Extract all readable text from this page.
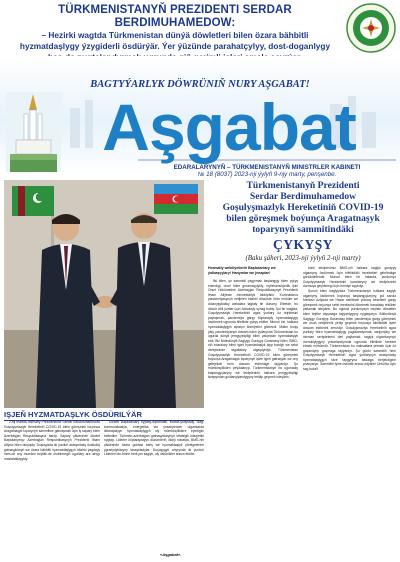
TÜRKMENISTANYŇ PREZIDENTI SERDAR BERDIMUHAMEDOW:
– Hezirki wagtda Türkmenistan dünýä döwletleri bilen özara bähbitli
hyzmatdaşlygy ýzygiderli ösdürýär. Ýer ýüzünde parahatçylyy, dost-doganlygy
BAGTYÝARLYK DÖWRÜNIŇ NURY AŞGABAT!
Aşgabat
EDARALARYNYŇ – TÜRKMENISTANYŇ MINISTRLER KABINETI
№ 18 (8037) 2023-nji ýylyň 9-njy marty, penşenbe.
IŞJEŇ HYZMATDAŞLYK ÖSDÜRILÝÄR
Türkmenistanyň Prezidenti
Serdar Berdimuhamedow
Goşulyşmazlyk Hereketiniň COVID-19
bilen göreşmek boýunça Aragatnaşyk
toparynyň sammitindäki
ÇYKYŞY
(Baku şäheri, 2023-nji ýylyň 2-nji marty)
Hormatly wekiliýetleriň Baştutanlary we ýolbaşçylary! Hanymlar we jenaplar!

Ilki bilen, şu sammidi çagyrmak başlangyjy bilen çykyş edendigi, onuň bilen guramaçylykly, myhmansöýerlik işini Onuň Hökümetine Azerbaýjan Respublikasynyň Prezidenti Ilham Aliýewe minnetdarlyk bildirýärin. Koronawirus pandemiýasynyň netijeleri häzirki döwürde örän möhüm we dolanyşykdaky wakalara tagtaly bir durumy. Elbetde, bu döwür ähli ýurtlar üçin özboluşly synag boldy. Şol bir wagtda, Goşulyşmazlyk Hereketiniň agza ýurtlary öz tejribesini paýlaşmak, pandemiýa garşy köptaraply hyzmatdaşlygy ösdürmek ugrunda bilelikde çykyş etdiler. Munuň özi, halkara hyzmatdaşlygyň aýratyn ähmiýetini görkezdi. Mälim bolşy ýaly, pandemiýanyň dowam eden ýyllarynda Türkmenistan bu ugurda dünýä jemgyýetçiligi bilen ýakyndan hyzmatdaşlyk etdi. Biz Bütindünýä Saglygy Goraýyş Guramasy bilen, BMG-niň edaralary bilen işjeň hyzmatdaşlyk alyp bardyk we sebit derejesinde tagallalary utgaşdyrdyk. Türkmenistan Goşulyşmazlyk Hereketiniň COVID-19 bilen göreşmek boýunça Aragatnaşyk toparynyň işine işjeň gatnaşýar we ony gelejekde hem dowam etdirmäge taýýardyr. Şu mümkinçilikden peýdalanyp, Türkmenistanyň bu ugurdaky başlangyçlaryny we teklipleriniň halkara jemgyýetçiligi tarapyndan goldanylýandygyny belläp geçmek isleýärin.

biziň tekliplerimiz BMG-niň halkara saglyk goraýyş ulgamyny ösdürmek üçin bilelikdäki hereketleri giňeltmäge gönükdirilendir. Munuň bilen bir hatarda, ýurdumyz Goşulyşmazlyk Hereketiniň kararlaryny we teklipleriniň durmuşa geçirilmegi üçin hemişe açykdyr.

Şunuň bilen baglylykda Türkmenistanyň halkara saglyk ulgamyny ösdürmek boýunça başlangyçlaryny, şol sanda Merkezi Aziýada we Hazar sebitinde ýokanç kesellere garşy göreşmek boýunça sebit merkezini döretmek baradaky teklibini ýatlamak isleýärin. Bu ugurda ýurdumyzyň beýleki döwletler bilen tejribe alyşmaga taýýardygyny nygtaýaryn. Bütindünýä Saglygy Goraýyş Guramasy bilen pandemiýa garşy göreşmek we onuň netijelerini ýeňip geçmek boýunça bilelikdäki işleri dowam etdirmek zerurdyr. Goşulyşmazlyk Hereketiniň agza ýurtlary bilen hyzmatdaşlygy pugtalandyrmak, sanjymlary we derman serişdelerini deň paýlamak, saglyk ulgamlarynyň durnuklylygyny ýokarlandyrmak ugrunda bilelikde hereket etmek möhümdir. Türkmenistan bu maksatlara ýetmek üçin öz goşandyny goşmaga taýýardyr. Şu günki sammitiň hem Goşulyşmazlyk Hereketiniň agza ýurtlarynyň arasyndaky hyzmatdaşlygyň täze tapgyryna badalga berjekdigine ynanýaryn. Sammitiň işine üstünlik arzuw edýärin! Ünsüňiz üçin sag boluň!

2-nji martda hormatly Prezidentimiz Serdar Berdimuhamedow Goşulyşmazlyk Hereketiniň COVID-19 bilen göreşmek boýunça Aragatnaşyk toparynyň sammitine gatnaşmak üçin iş sapary bilen Azerbaýjan Respublikasyna bardy. Sapary çäklerinde döwlet Baştutanymyz Azerbaýjan Respublikasynyň Prezidenti Ilham Aliýew bilen duşuşdy. Duşuşykda iki ýurduň arasyndaky dostlukly gatnaşyklaryň we özara bähbitli hyzmatdaşlygyň häzirki ýagdaýy hem-de ony mundan beýläk-de ösdürmegiň ugurlary ara alnyp maslahatlaşyldy.

Döwlet Baştutanlary syýasy-diplomatik, söwda-ykdysady, ulag-kommunikasiýa, energetika we ynsanperwer ulgamlarda ikitaraplaýyn hyzmatdaşlygyň uly mümkinçiliklere eýedigini bellediler. Türkmen-azerbaýjan gatnaşyklarynyň strategik häsiýetini nygtap, Liderler köptaraplaýyn düzümleriň, ilkinji nobatda, BMG-niň çäklerinde özara goldaw beriş we hyzmatdaşlyk ýörelgelerine ygrarlydyklaryny tassykladylar. Duşuşygyň ahyrynda iki ýurduň Liderleri biri-birine berk jan saglyk, uly üstünlikler arzuw etdiler.

«Aşgabat».
